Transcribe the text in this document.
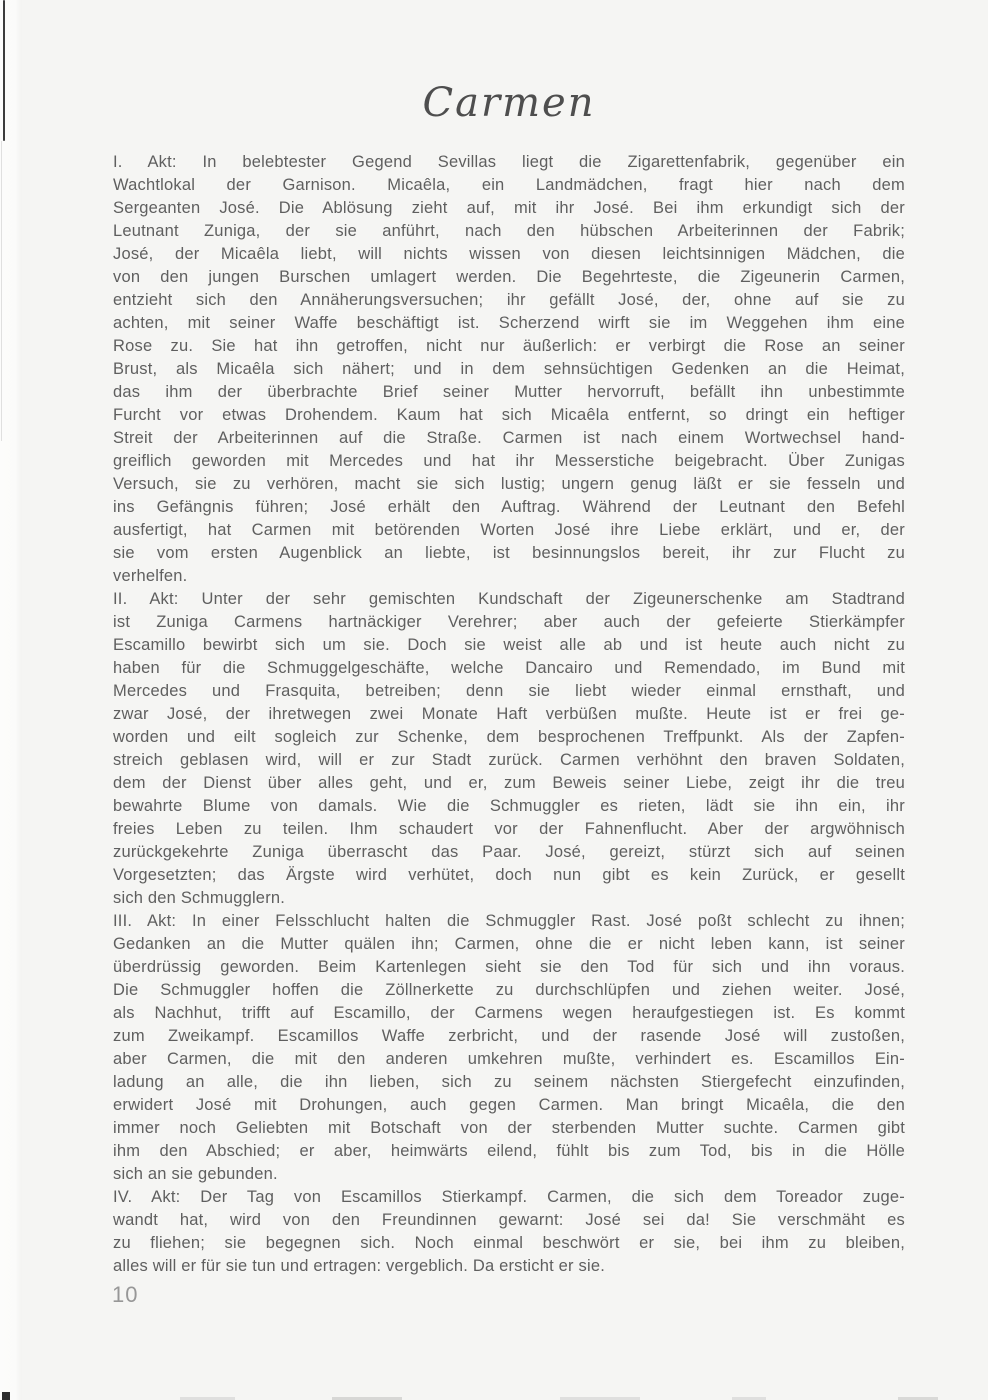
Carmen
I. Akt: In belebtester Gegend Sevillas liegt die Zigarettenfabrik, gegenüber ein
Wachtlokal der Garnison. Micaêla, ein Landmädchen, fragt hier nach dem
Sergeanten José. Die Ablösung zieht auf, mit ihr José. Bei ihm erkundigt sich der
Leutnant Zuniga, der sie anführt, nach den hübschen Arbeiterinnen der Fabrik;
José, der Micaêla liebt, will nichts wissen von diesen leichtsinnigen Mädchen, die
von den jungen Burschen umlagert werden. Die Begehrteste, die Zigeunerin Carmen,
entzieht sich den Annäherungsversuchen; ihr gefällt José, der, ohne auf sie zu
achten, mit seiner Waffe beschäftigt ist. Scherzend wirft sie im Weggehen ihm eine
Rose zu. Sie hat ihn getroffen, nicht nur äußerlich: er verbirgt die Rose an seiner
Brust, als Micaêla sich nähert; und in dem sehnsüchtigen Gedenken an die Heimat,
das ihm der überbrachte Brief seiner Mutter hervorruft, befällt ihn unbestimmte
Furcht vor etwas Drohendem. Kaum hat sich Micaêla entfernt, so dringt ein heftiger
Streit der Arbeiterinnen auf die Straße. Carmen ist nach einem Wortwechsel hand-
greiflich geworden mit Mercedes und hat ihr Messerstiche beigebracht. Über Zunigas
Versuch, sie zu verhören, macht sie sich lustig; ungern genug läßt er sie fesseln und
ins Gefängnis führen; José erhält den Auftrag. Während der Leutnant den Befehl
ausfertigt, hat Carmen mit betörenden Worten José ihre Liebe erklärt, und er, der
sie vom ersten Augenblick an liebte, ist besinnungslos bereit, ihr zur Flucht zu
verhelfen.
II. Akt: Unter der sehr gemischten Kundschaft der Zigeunerschenke am Stadtrand
ist Zuniga Carmens hartnäckiger Verehrer; aber auch der gefeierte Stierkämpfer
Escamillo bewirbt sich um sie. Doch sie weist alle ab und ist heute auch nicht zu
haben für die Schmuggelgeschäfte, welche Dancairo und Remendado, im Bund mit
Mercedes und Frasquita, betreiben; denn sie liebt wieder einmal ernsthaft, und
zwar José, der ihretwegen zwei Monate Haft verbüßen mußte. Heute ist er frei ge-
worden und eilt sogleich zur Schenke, dem besprochenen Treffpunkt. Als der Zapfen-
streich geblasen wird, will er zur Stadt zurück. Carmen verhöhnt den braven Soldaten,
dem der Dienst über alles geht, und er, zum Beweis seiner Liebe, zeigt ihr die treu
bewahrte Blume von damals. Wie die Schmuggler es rieten, lädt sie ihn ein, ihr
freies Leben zu teilen. Ihm schaudert vor der Fahnenflucht. Aber der argwöhnisch
zurückgekehrte Zuniga überrascht das Paar. José, gereizt, stürzt sich auf seinen
Vorgesetzten; das Ärgste wird verhütet, doch nun gibt es kein Zurück, er gesellt
sich den Schmugglern.
III. Akt: In einer Felsschlucht halten die Schmuggler Rast. José poßt schlecht zu ihnen;
Gedanken an die Mutter quälen ihn; Carmen, ohne die er nicht leben kann, ist seiner
überdrüssig geworden. Beim Kartenlegen sieht sie den Tod für sich und ihn voraus.
Die Schmuggler hoffen die Zöllnerkette zu durchschlüpfen und ziehen weiter. José,
als Nachhut, trifft auf Escamillo, der Carmens wegen heraufgestiegen ist. Es kommt
zum Zweikampf. Escamillos Waffe zerbricht, und der rasende José will zustoßen,
aber Carmen, die mit den anderen umkehren mußte, verhindert es. Escamillos Ein-
ladung an alle, die ihn lieben, sich zu seinem nächsten Stiergefecht einzufinden,
erwidert José mit Drohungen, auch gegen Carmen. Man bringt Micaêla, die den
immer noch Geliebten mit Botschaft von der sterbenden Mutter suchte. Carmen gibt
ihm den Abschied; er aber, heimwärts eilend, fühlt bis zum Tod, bis in die Hölle
sich an sie gebunden.
IV. Akt: Der Tag von Escamillos Stierkampf. Carmen, die sich dem Toreador zuge-
wandt hat, wird von den Freundinnen gewarnt: José sei da! Sie verschmäht es
zu fliehen; sie begegnen sich. Noch einmal beschwört er sie, bei ihm zu bleiben,
alles will er für sie tun und ertragen: vergeblich. Da ersticht er sie.
10
